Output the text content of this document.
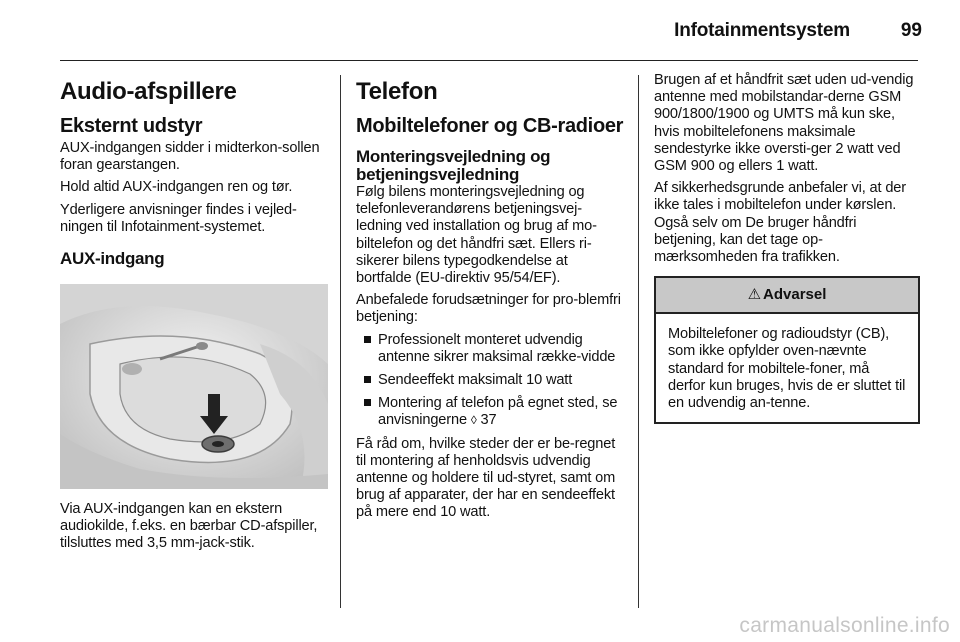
Infotainmentsystem	99
Audio-afspillere
Eksternt udstyr

AUX-indgangen sidder i midterkon-sollen foran gearstangen.

Hold altid AUX-indgangen ren og tør.

Yderligere anvisninger findes i vejled-ningen til Infotainment-systemet.

AUX-indgang

Via AUX-indgangen kan en ekstern audiokilde, f.eks. en bærbar CD-afspiller, tilsluttes med 3,5 mm-jack-stik.

Telefon
Mobiltelefoner og CB-radioer
Monteringsvejledning og betjeningsvejledning

Følg bilens monteringsvejledning og telefonleverandørens betjeningsvej-ledning ved installation og brug af mo-biltelefon og det håndfri sæt. Ellers ri-sikerer bilens typegodkendelse at bortfalde (EU-direktiv 95/54/EF).

Anbefalede forudsætninger for pro-blemfri betjening:

Professionelt monteret udvendig antenne sikrer maksimal række-vidde
Sendeeffekt maksimalt 10 watt
Montering af telefon på egnet sted, se anvisningerne ◊ 37

Få råd om, hvilke steder der er be-regnet til montering af henholdsvis udvendig antenne og holdere til ud-styret, samt om brug af apparater, der har en sendeeffekt på mere end 10 watt.

Brugen af et håndfrit sæt uden ud-vendig antenne med mobilstandar-derne GSM 900/1800/1900 og UMTS må kun ske, hvis mobiltelefonens maksimale sendestyrke ikke oversti-ger 2 watt ved GSM 900 og ellers 1 watt.

Af sikkerhedsgrunde anbefaler vi, at der ikke tales i mobiltelefon under kørslen. Også selv om De bruger håndfri betjening, kan det tage op-mærksomheden fra trafikken.

⚠ Advarsel

Mobiltelefoner og radioudstyr (CB), som ikke opfylder oven-nævnte standard for mobiltele-foner, må derfor kun bruges, hvis de er sluttet til en udvendig an-tenne.

carmanualsonline.info
